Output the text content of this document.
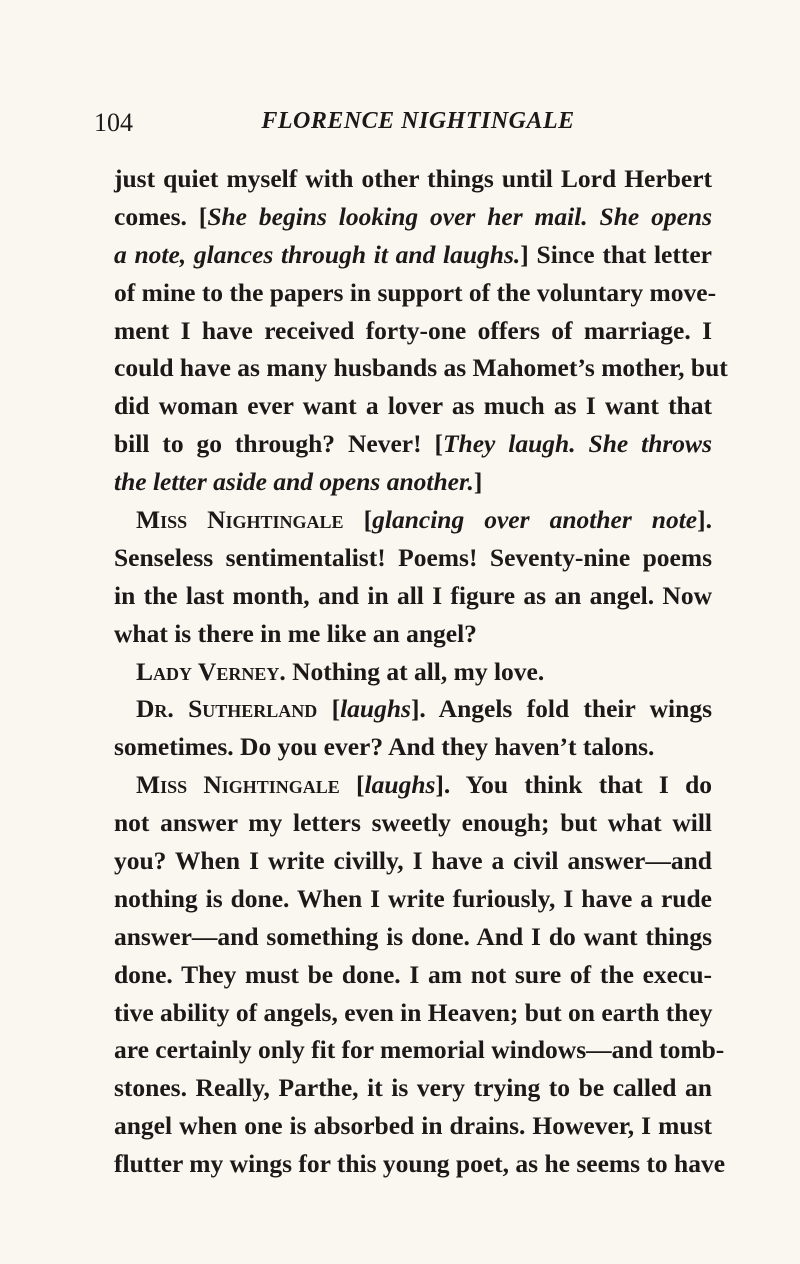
104	FLORENCE NIGHTINGALE
just quiet myself with other things until Lord Herbert
comes. [She begins looking over her mail. She opens
a note, glances through it and laughs.] Since that letter
of mine to the papers in support of the voluntary move-
ment I have received forty-one offers of marriage. I
could have as many husbands as Mahomet’s mother, but
did woman ever want a lover as much as I want that
bill to go through? Never! [They laugh. She throws
the letter aside and opens another.]
Miss Nightingale [glancing over another note].
Senseless sentimentalist! Poems! Seventy-nine poems
in the last month, and in all I figure as an angel. Now
what is there in me like an angel?
Lady Verney. Nothing at all, my love.
Dr. Sutherland [laughs]. Angels fold their wings
sometimes. Do you ever? And they haven’t talons.
Miss Nightingale [laughs]. You think that I do
not answer my letters sweetly enough; but what will
you? When I write civilly, I have a civil answer—and
nothing is done. When I write furiously, I have a rude
answer—and something is done. And I do want things
done. They must be done. I am not sure of the execu-
tive ability of angels, even in Heaven; but on earth they
are certainly only fit for memorial windows—and tomb-
stones. Really, Parthe, it is very trying to be called an
angel when one is absorbed in drains. However, I must
flutter my wings for this young poet, as he seems to have
